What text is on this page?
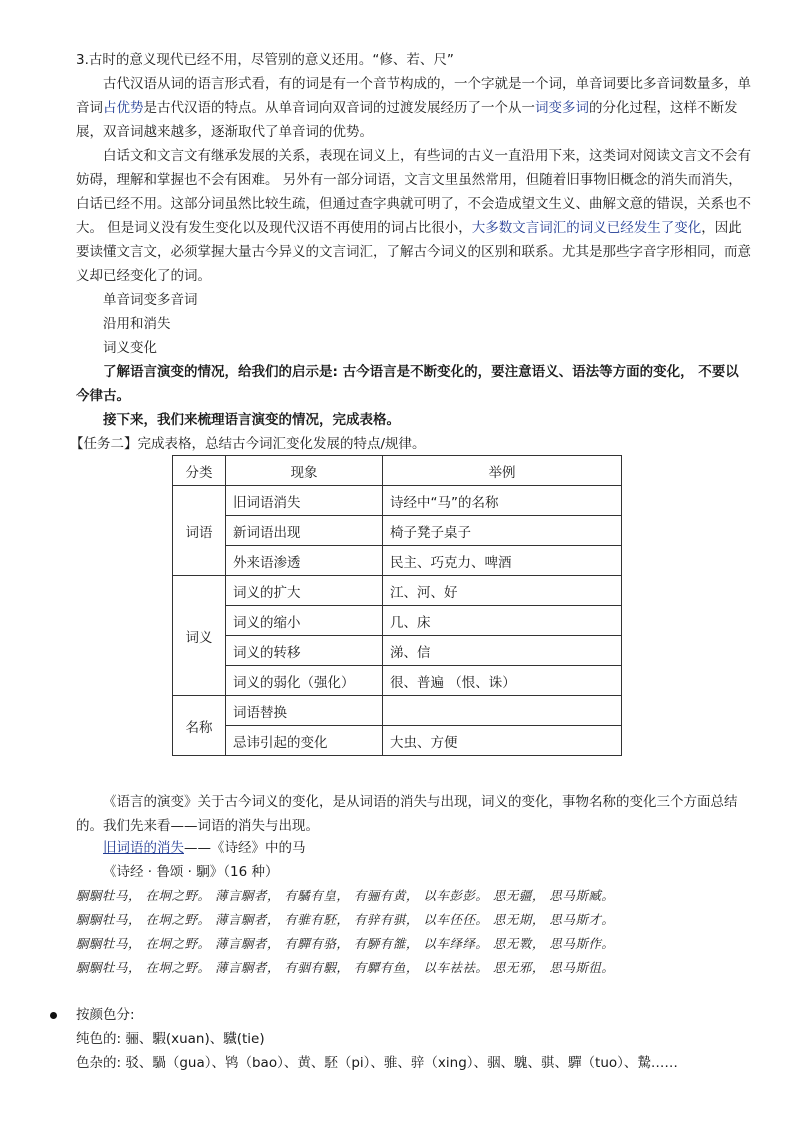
3.古时的意义现代已经不用，尽管别的意义还用。“修、若、尺”

古代汉语从词的语言形式看，有的词是有一个音节构成的，一个字就是一个词，单音词要比多音词数量多，单音词占优势是古代汉语的特点。从单音词向双音词的过渡发展经历了一个从一词变多词的分化过程，这样不断发展，双音词越来越多，逐渐取代了单音词的优势。

白话文和文言文有继承发展的关系，表现在词义上，有些词的古义一直沿用下来，这类词对阅读文言文不会有妨碍，理解和掌握也不会有困难。 另外有一部分词语，文言文里虽然常用，但随着旧事物旧概念的消失而消失，白话已经不用。这部分词虽然比较生疏，但通过查字典就可明了，不会造成望文生义、曲解文意的错误，关系也不大。 但是词义没有发生变化以及现代汉语不再使用的词占比很小，大多数文言词汇的词义已经发生了变化，因此要读懂文言文，必须掌握大量古今异义的文言词汇，了解古今词义的区别和联系。尤其是那些字音字形相同，而意义却已经变化了的词。

单音词变多音词

沿用和消失

词义变化

了解语言演变的情况，给我们的启示是: 古今语言是不断变化的，要注意语义、语法等方面的变化， 不要以今律古。

接下来，我们来梳理语言演变的情况，完成表格。

【任务二】完成表格，总结古今词汇变化发展的特点/规律。

分类	现象	举例
词语	旧词语消失	诗经中“马”的名称
	新词语出现	椅子凳子桌子
	外来语渗透	民主、巧克力、啤酒
词义	词义的扩大	江、河、好
	词义的缩小	几、床
	词义的转移	涕、信
	词义的弱化（强化）	很、普遍 （恨、诛）
名称	词语替换	
	忌讳引起的变化	大虫、方便

《语言的演变》关于古今词义的变化，是从词语的消失与出现，词义的变化，事物名称的变化三个方面总结的。我们先来看——词语的消失与出现。

旧词语的消失——《诗经》中的马

《诗经 · 鲁颂 · 駉》（16 种）

駉駉牡马， 在坰之野。 薄言駉者， 有驈有皇， 有骊有黄， 以车彭彭。 思无疆， 思马斯臧。

駉駉牡马， 在坰之野。 薄言駉者， 有骓有駓， 有骍有骐， 以车伾伾。 思无期， 思马斯才。

駉駉牡马， 在坰之野。 薄言駉者， 有驒有骆， 有駵有雒， 以车绎绎。 思无斁， 思马斯作。

駉駉牡马， 在坰之野。 薄言駉者， 有骃有騢， 有驔有鱼， 以车祛祛。 思无邪， 思马斯徂。

按颜色分:

纯色的: 骊、騢(xuan)、驖(tie)

色杂的: 驳、騧（gua）、鸨（bao）、黄、駓（pi）、骓、骍（xing）、骃、騩、骐、驒（tuo）、騺……
